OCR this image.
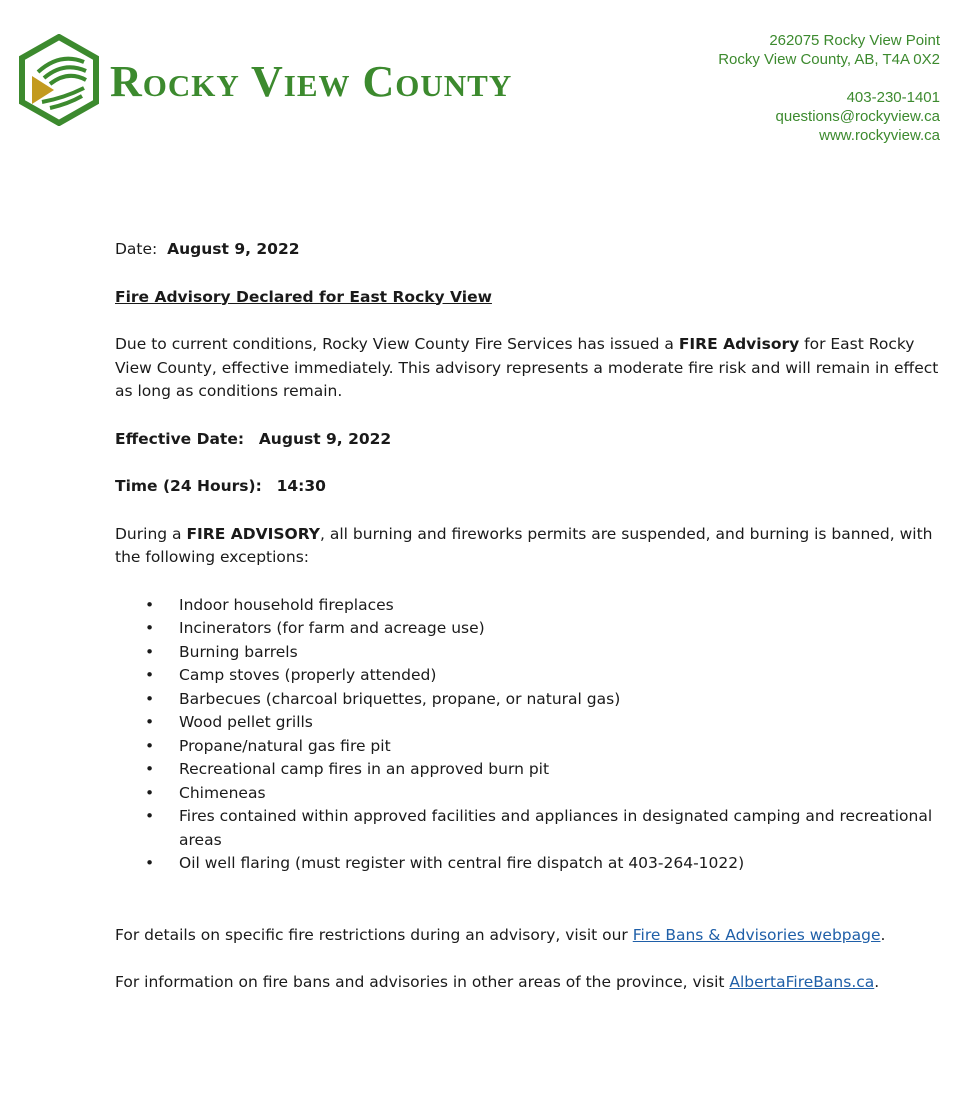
Rocky View County
262075 Rocky View Point
Rocky View County, AB, T4A 0X2
403-230-1401
questions@rockyview.ca
www.rockyview.ca

Date: August 9, 2022

Fire Advisory Declared for East Rocky View

Due to current conditions, Rocky View County Fire Services has issued a FIRE Advisory for East Rocky View County, effective immediately. This advisory represents a moderate fire risk and will remain in effect as long as conditions remain.

Effective Date: August 9, 2022

Time (24 Hours): 14:30

During a FIRE ADVISORY, all burning and fireworks permits are suspended, and burning is banned, with the following exceptions:

• Indoor household fireplaces
• Incinerators (for farm and acreage use)
• Burning barrels
• Camp stoves (properly attended)
• Barbecues (charcoal briquettes, propane, or natural gas)
• Wood pellet grills
• Propane/natural gas fire pit
• Recreational camp fires in an approved burn pit
• Chimeneas
• Fires contained within approved facilities and appliances in designated camping and recreational areas
• Oil well flaring (must register with central fire dispatch at 403-264-1022)

For details on specific fire restrictions during an advisory, visit our Fire Bans & Advisories webpage.

For information on fire bans and advisories in other areas of the province, visit AlbertaFireBans.ca.
